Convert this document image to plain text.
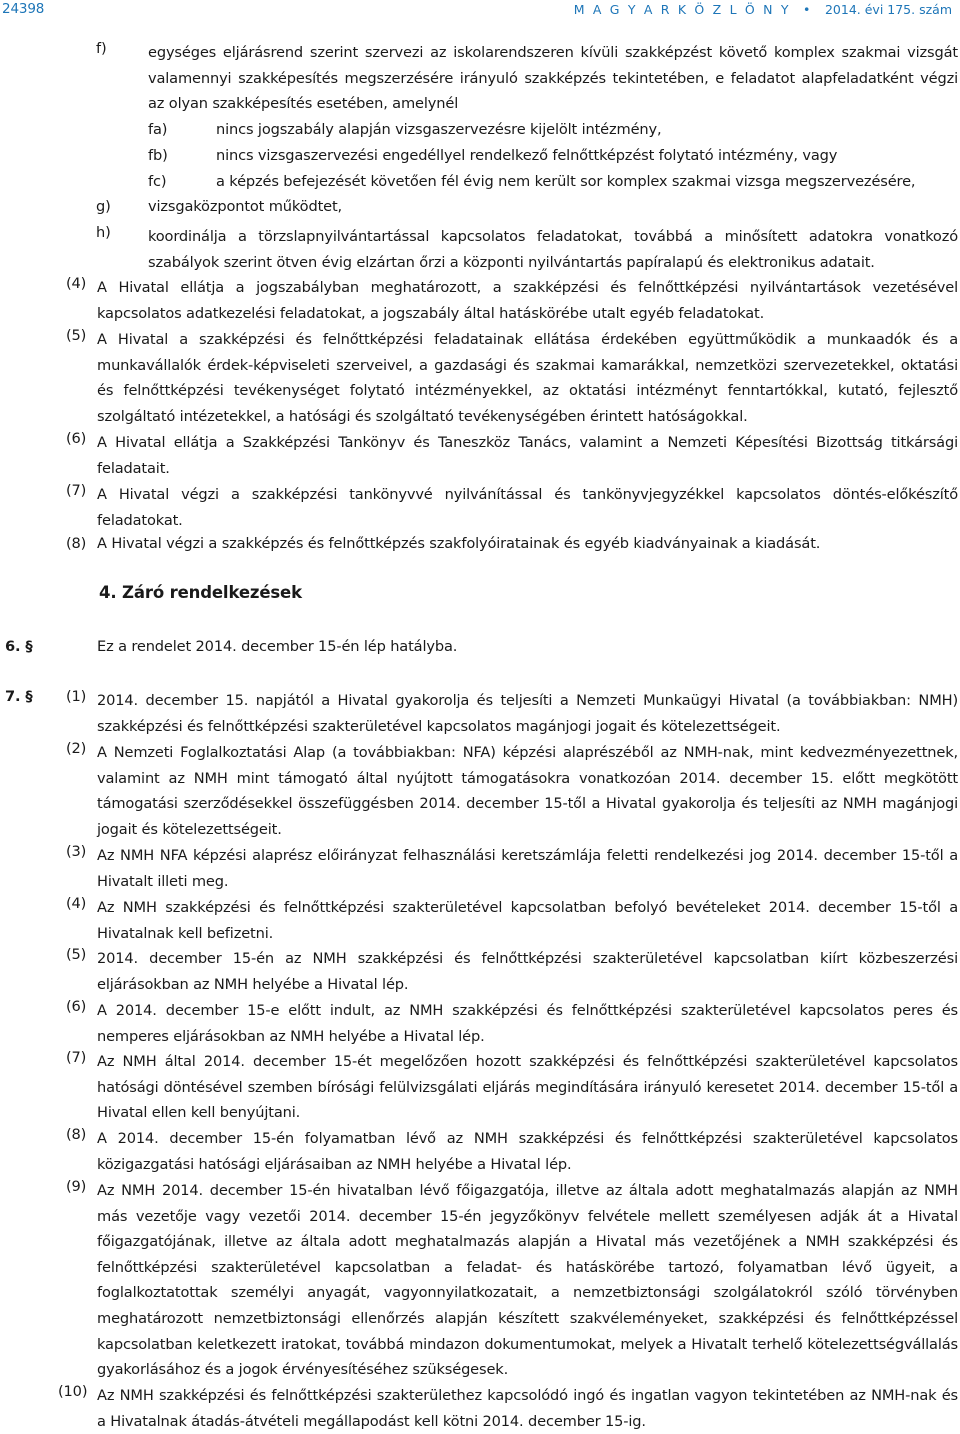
24398	M A G Y A R K Ö Z L Ö N Y • 2014. évi 175. szám
f)	egységes eljárásrend szerint szervezi az iskolarendszeren kívüli szakképzést követő komplex szakmai vizsgát valamennyi szakképesítés megszerzésére irányuló szakképzés tekintetében, e feladatot alapfeladatként végzi az olyan szakképesítés esetében, amelynél
fa)	nincs jogszabály alapján vizsgaszervezésre kijelölt intézmény,
fb)	nincs vizsgaszervezési engedéllyel rendelkező felnőttképzést folytató intézmény, vagy
fc)	a képzés befejezését követően fél évig nem került sor komplex szakmai vizsga megszervezésére,
g)	vizsgaközpontot működtet,
h)	koordinálja a törzslapnyilvántartással kapcsolatos feladatokat, továbbá a minősített adatokra vonatkozó szabályok szerint ötven évig elzártan őrzi a központi nyilvántartás papíralapú és elektronikus adatait.
(4) A Hivatal ellátja a jogszabályban meghatározott, a szakképzési és felnőttképzési nyilvántartások vezetésével kapcsolatos adatkezelési feladatokat, a jogszabály által hatáskörébe utalt egyéb feladatokat.
(5) A Hivatal a szakképzési és felnőttképzési feladatainak ellátása érdekében együttműködik a munkaadók és a munkavállalók érdek-képviseleti szerveivel, a gazdasági és szakmai kamarákkal, nemzetközi szervezetekkel, oktatási és felnőttképzési tevékenységet folytató intézményekkel, az oktatási intézményt fenntartókkal, kutató, fejlesztő szolgáltató intézetekkel, a hatósági és szolgáltató tevékenységében érintett hatóságokkal.
(6) A Hivatal ellátja a Szakképzési Tankönyv és Taneszköz Tanács, valamint a Nemzeti Képesítési Bizottság titkársági feladatait.
(7) A Hivatal végzi a szakképzési tankönyvvé nyilvánítással és tankönyvjegyzékkel kapcsolatos döntés-előkészítő feladatokat.
(8) A Hivatal végzi a szakképzés és felnőttképzés szakfolyóiratainak és egyéb kiadványainak a kiadását.
4. Záró rendelkezések
6. §	Ez a rendelet 2014. december 15-én lép hatályba.
7. § (1) 2014. december 15. napjától a Hivatal gyakorolja és teljesíti a Nemzeti Munkaügyi Hivatal (a továbbiakban: NMH) szakképzési és felnőttképzési szakterületével kapcsolatos magánjogi jogait és kötelezettségeit.
(2) A Nemzeti Foglalkoztatási Alap (a továbbiakban: NFA) képzési alaprészéből az NMH-nak, mint kedvezményezettnek, valamint az NMH mint támogató által nyújtott támogatásokra vonatkozóan 2014. december 15. előtt megkötött támogatási szerződésekkel összefüggésben 2014. december 15-től a Hivatal gyakorolja és teljesíti az NMH magánjogi jogait és kötelezettségeit.
(3) Az NMH NFA képzési alaprész előirányzat felhasználási keretszámlája feletti rendelkezési jog 2014. december 15-től a Hivatalt illeti meg.
(4) Az NMH szakképzési és felnőttképzési szakterületével kapcsolatban befolyó bevételeket 2014. december 15-től a Hivatalnak kell befizetni.
(5) 2014. december 15-én az NMH szakképzési és felnőttképzési szakterületével kapcsolatban kiírt közbeszerzési eljárásokban az NMH helyébe a Hivatal lép.
(6) A 2014. december 15-e előtt indult, az NMH szakképzési és felnőttképzési szakterületével kapcsolatos peres és nemperes eljárásokban az NMH helyébe a Hivatal lép.
(7) Az NMH által 2014. december 15-ét megelőzően hozott szakképzési és felnőttképzési szakterületével kapcsolatos hatósági döntésével szemben bírósági felülvizsgálati eljárás megindítására irányuló keresetet 2014. december 15-től a Hivatal ellen kell benyújtani.
(8) A 2014. december 15-én folyamatban lévő az NMH szakképzési és felnőttképzési szakterületével kapcsolatos közigazgatási hatósági eljárásaiban az NMH helyébe a Hivatal lép.
(9) Az NMH 2014. december 15-én hivatalban lévő főigazgatója, illetve az általa adott meghatalmazás alapján az NMH más vezetője vagy vezetői 2014. december 15-én jegyzőkönyv felvétele mellett személyesen adják át a Hivatal főigazgatójának, illetve az általa adott meghatalmazás alapján a Hivatal más vezetőjének a NMH szakképzési és felnőttképzési szakterületével kapcsolatban a feladat- és hatáskörébe tartozó, folyamatban lévő ügyeit, a foglalkoztatottak személyi anyagát, vagyonnyilatkozatait, a nemzetbiztonsági szolgálatokról szóló törvényben meghatározott nemzetbiztonsági ellenőrzés alapján készített szakvéleményeket, szakképzési és felnőttképzéssel kapcsolatban keletkezett iratokat, továbbá mindazon dokumentumokat, melyek a Hivatalt terhelő kötelezettségvállalás gyakorlásához és a jogok érvényesítéséhez szükségesek.
(10) Az NMH szakképzési és felnőttképzési szakterülethez kapcsolódó ingó és ingatlan vagyon tekintetében az NMH-nak és a Hivatalnak átadás-átvételi megállapodást kell kötni 2014. december 15-ig.
